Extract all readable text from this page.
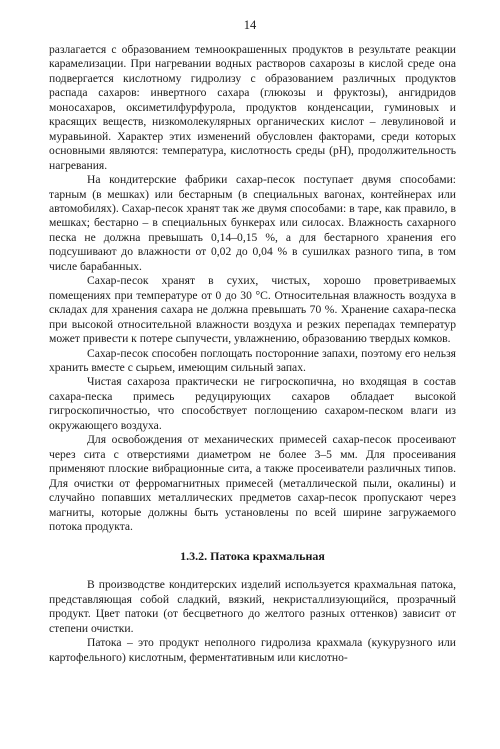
14

разлагается с образованием темноокрашенных продуктов в результате реакции карамелизации. При нагревании водных растворов сахарозы в кислой среде она подвергается кислотному гидролизу с образованием различных продуктов распада сахаров: инвертного сахара (глюкозы и фруктозы), ангидридов моносахаров, оксиметилфурфурола, продуктов конденсации, гуминовых и красящих веществ, низкомолекулярных органических кислот – левулиновой и муравьиной. Характер этих изменений обусловлен факторами, среди которых основными являются: температура, кислотность среды (pH), продолжительность нагревания.

На кондитерские фабрики сахар-песок поступает двумя способами: тарным (в мешках) или бестарным (в специальных вагонах, контейнерах или автомобилях). Сахар-песок хранят так же двумя способами: в таре, как правило, в мешках; бестарно – в специальных бункерах или силосах. Влажность сахарного песка не должна превышать 0,14–0,15 %, а для бестарного хранения его подсушивают до влажности от 0,02 до 0,04 % в сушилках разного типа, в том числе барабанных.

Сахар-песок хранят в сухих, чистых, хорошо проветриваемых помещениях при температуре от 0 до 30 °C. Относительная влажность воздуха в складах для хранения сахара не должна превышать 70 %. Хранение сахара-песка при высокой относительной влажности воздуха и резких перепадах температур может привести к потере сыпучести, увлажнению, образованию твердых комков.

Сахар-песок способен поглощать посторонние запахи, поэтому его нельзя хранить вместе с сырьем, имеющим сильный запах.

Чистая сахароза практически не гигроскопична, но входящая в состав сахара-песка примесь редуцирующих сахаров обладает высокой гигроскопичностью, что способствует поглощению сахаром-песком влаги из окружающего воздуха.

Для освобождения от механических примесей сахар-песок просеивают через сита с отверстиями диаметром не более 3–5 мм. Для просеивания применяют плоские вибрационные сита, а также просеиватели различных типов. Для очистки от ферромагнитных примесей (металлической пыли, окалины) и случайно попавших металлических предметов сахар-песок пропускают через магниты, которые должны быть установлены по всей ширине загружаемого потока продукта.

1.3.2. Патока крахмальная

В производстве кондитерских изделий используется крахмальная патока, представляющая собой сладкий, вязкий, некристаллизующийся, прозрачный продукт. Цвет патоки (от бесцветного до желтого разных оттенков) зависит от степени очистки.

Патока – это продукт неполного гидролиза крахмала (кукурузного или картофельного) кислотным, ферментативным или кислотно-
